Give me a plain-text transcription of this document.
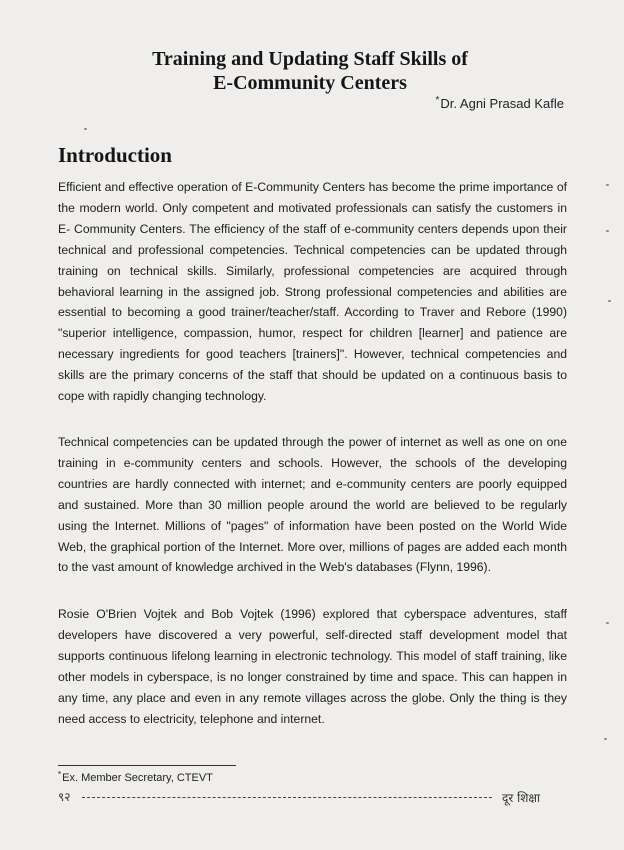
Training and Updating Staff Skills of
E-Community Centers
*Dr. Agni Prasad Kafle
Introduction

Efficient and effective operation of E-Community Centers has become the prime importance of the modern world. Only competent and motivated professionals can satisfy the customers in E- Community Centers. The efficiency of the staff of e-community centers depends upon their technical and professional competencies. Technical competencies can be updated through training on technical skills. Similarly, professional competencies are acquired through behavioral learning in the assigned job. Strong professional competencies and abilities are essential to becoming a good trainer/teacher/staff. According to Traver and Rebore (1990) "superior intelligence, compassion, humor, respect for children [learner] and patience are necessary ingredients for good teachers [trainers]". However, technical competencies and skills are the primary concerns of the staff that should be updated on a continuous basis to cope with rapidly changing technology.

Technical competencies can be updated through the power of internet as well as one on one training in e-community centers and schools. However, the schools of the developing countries are hardly connected with internet; and e-community centers are poorly equipped and sustained. More than 30 million people around the world are believed to be regularly using the Internet. Millions of "pages" of information have been posted on the World Wide Web, the graphical portion of the Internet. More over, millions of pages are added each month to the vast amount of knowledge archived in the Web's databases (Flynn, 1996).

Rosie O'Brien Vojtek and Bob Vojtek (1996) explored that cyberspace adventures, staff developers have discovered a very powerful, self-directed staff development model that supports continuous lifelong learning in electronic technology. This model of staff training, like other models in cyberspace, is no longer constrained by time and space. This can happen in any time, any place and even in any remote villages across the globe. Only the thing is they need access to electricity, telephone and internet.

*Ex. Member Secretary, CTEVT
९२	दूर शिक्षा
